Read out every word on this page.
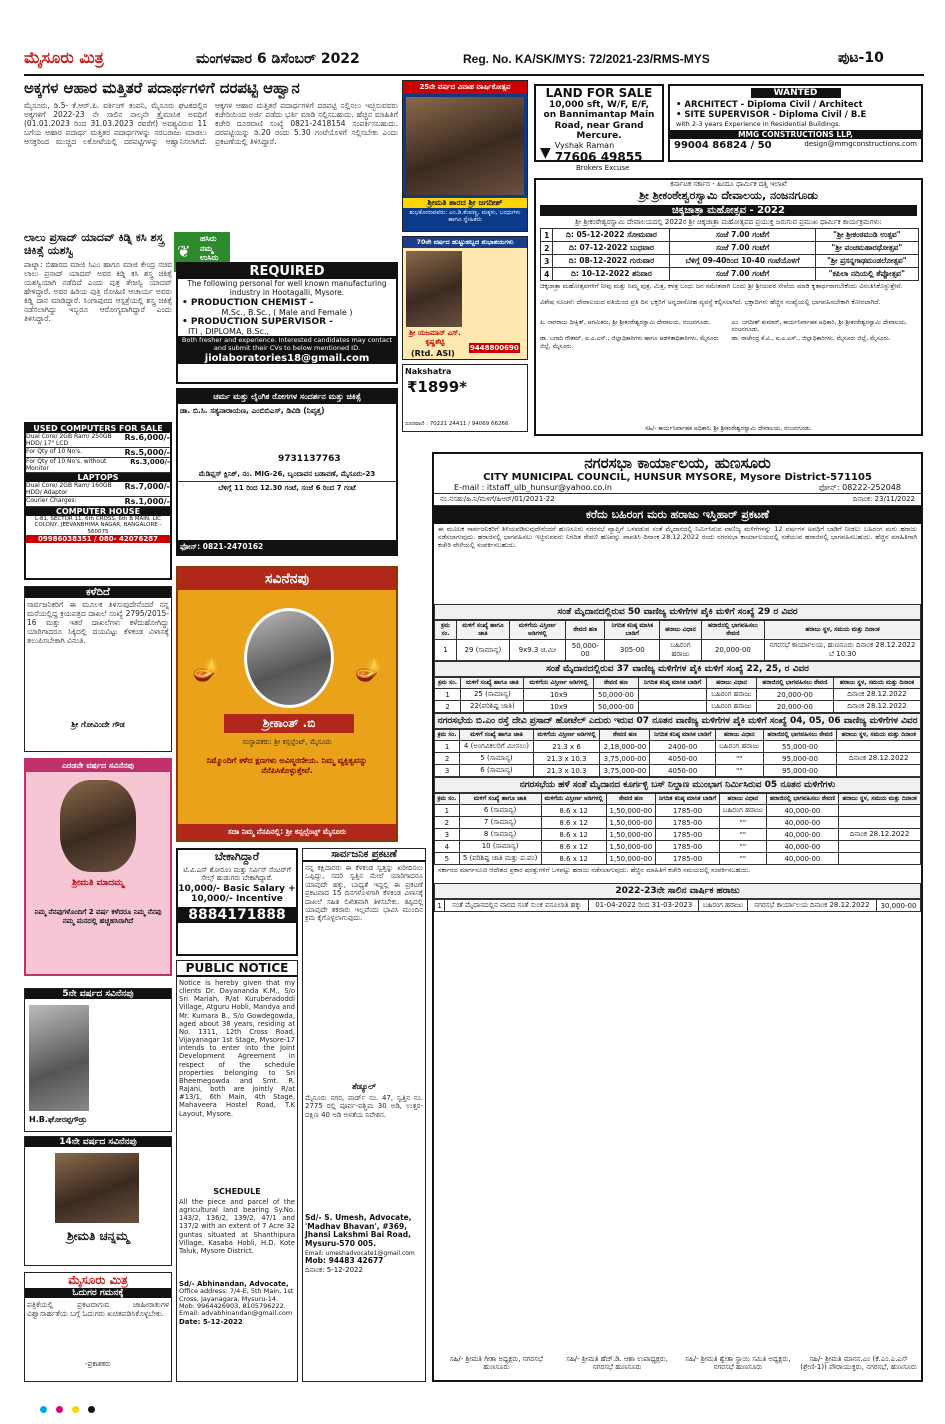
ಮೈಸೂರು ಮಿತ್ರ	ಮಂಗಳವಾರ 6 ಡಿಸೆಂಬರ್ 2022	Reg. No. KA/SK/MYS: 72/2021-23/RMS-MYS	ಪುಟ-10
ಅಕ್ಕಗಳ ಆಹಾರ ಮತ್ತಿತರೆ ಪದಾರ್ಥಗಳಿಗೆ ದರಪಟ್ಟಿ ಆಹ್ವಾನ
ಮೈಸೂರು, ಡಿ.5- ಕೆ.ಆರ್.ಪಿ. ವರ್ಕಿಂಗ್ ಕಂಪನಿ, ಮೈಸೂರು ಘಟಕದಲ್ಲಿನ ಅಕ್ಕಗಳಿಗೆ 2022-23 ನೇ ಸಾಲಿನ ನಾಲ್ಕನೇ ತ್ರೈಮಾಸಿಕ ಅವಧಿಗೆ (01.01.2023 ರಿಂದ 31.03.2023 ರವರೆಗೆ) ಅವಶ್ಯವಿರುವ 11 ಬಗೆಯ ಆಹಾರ ಪದಾರ್ಥ ಮತ್ತಿತರ ಪದಾರ್ಥಗಳನ್ನು ಸರಬರಾಜು ಮಾಡಲು ಆಸಕ್ತರಿಂದ ಮುಚ್ಚಿದ ಲಕೋಟೆಯಲ್ಲಿ ದರಪಟ್ಟಿಗಳನ್ನು ಆಹ್ವಾನಿಸಲಾಗಿದೆ. ಆಕ್ಕಗಳ ಆಹಾರ ಮತ್ತಿತರೆ ಪದಾರ್ಥಗಳಿಗೆ ದರಪಟ್ಟಿ ಸಲ್ಲಿಸಲು ಇಚ್ಛಿಸುವವರು ಕಚೇರಿಯಿಂದ ಅರ್ಜಿ ಪಡೆದು ಭರ್ತಿ ಮಾಡಿ ಸಲ್ಲಿಸಬಹುದು. ಹೆಚ್ಚಿನ ಮಾಹಿತಿಗೆ ಕಚೇರಿ ದೂರವಾಣಿ ಸಂಖ್ಯೆ 0821-2418154 ಸಂಪರ್ಕಿಸಬಹುದು. ದರಪಟ್ಟಿಯನ್ನು ಡಿ.20 ರಂದು 5.30 ಗಂಟೆಯೊಳಗೆ ಸಲ್ಲಿಸಬೇಕು ಎಂದು ಪ್ರಕಟಣೆಯಲ್ಲಿ ತಿಳಿಸಿದ್ದಾರೆ.
25ನೇ ವರ್ಷದ ವಿವಾಹ ವಾರ್ಷಿಕೋತ್ಸವ
ಶ್ರೀಮತಿ ಶಾರದ ಶ್ರೀ ಜಗದೀಶ್
ಶುಭಕೋರುವವರು: ಎಂ.ಡಿ.ಕೆಂಪಣ್ಣ, ಮಕ್ಕಳು, ಬಂಧುಗಳು ಹಾಗೂ ಸ್ನೇಹಿತರು
LAND FOR SALE
10,000 sft, W/F, E/F,
on Bannimantap Main
Road, near Grand Mercure.
▼ Vyshak Raman
77606 49855
Brokers Excuse
WANTED
• ARCHITECT - Diploma Civil / Architect
• SITE SUPERVISOR - Diploma Civil / B.E
with 2-3 years Experience in Residential Buildings.
MMG CONSTRUCTIONS LLP,
99004 86824 / 50	design@mmgconstructions.com
ಲಾಲು ಪ್ರಸಾದ್ ಯಾದವ್ ಕಿಡ್ನಿ ಕಸಿ ಶಸ್ತ್ರ ಚಿಕಿತ್ಸೆ ಯಶಸ್ವಿ
ಪಾಟ್ನಾ: ಬಿಹಾರದ ಮಾಜಿ ಸಿಎಂ ಹಾಗೂ ಮಾಜಿ ಕೇಂದ್ರ ಸಚಿವ ಲಾಲು ಪ್ರಸಾದ್ ಯಾದವ್ ಅವರ ಕಿಡ್ನಿ ಕಸಿ ಶಸ್ತ್ರ ಚಿಕಿತ್ಸೆ ಯಶಸ್ವಿಯಾಗಿ ನಡೆದಿದೆ ಎಂದು ಪುತ್ರ ತೇಜಸ್ವಿ ಯಾದವ್ ಹೇಳಿದ್ದಾರೆ. ಅವರ ಹಿರಿಯ ಪುತ್ರಿ ರೋಹಿಣಿ ಆಚಾರ್ಯ ಅವರು ಕಿಡ್ನಿ ದಾನ ಮಾಡಿದ್ದಾರೆ. ಸಿಂಗಾಪುರದ ಆಸ್ಪತ್ರೆಯಲ್ಲಿ ಶಸ್ತ್ರ ಚಿಕಿತ್ಸೆ ನಡೆಸಲಾಗಿದ್ದು ಇಬ್ಬರೂ ಆರೋಗ್ಯವಾಗಿದ್ದಾರೆ ಎಂದು ತಿಳಿಸಿದ್ದಾರೆ.
❦
ಹಸಿರು
ನಮ್ಮ
ಉಸಿರು
REQUIRED
The following personal for well known manufacturing industry in Hootagalli, Mysore.
• PRODUCTION CHEMIST -
M.Sc., B.Sc., ( Male and Female )
• PRODUCTION SUPERVISOR -
ITI , DIPLOMA, B.Sc.,
Both fresher and experience. Interested candidates may contact and submit their CVs to below mentioned ID.
jiolaboratories18@gmail.com
70ನೇ ವರ್ಷದ ಹುಟ್ಟುಹಬ್ಬದ ಶುಭಾಶಯಗಳು
ಶ್ರೀ ಯಜಮಾನ್ ಎಸ್. ಕೃಷ್ಣಶೆಟ್ಟಿ
(Rtd. ASI)
9448800690
Nakshatra
₹1899*
ದೂರವಾಣಿ : 70221 24411 / 94069 66266
USED COMPUTERS FOR SALE
Dual Core/ 2GB Ram/ 250GB HDD/ 17" LCD
Rs.6,000/-
For Qty of 10 No's.	Rs.5,000/-
For Qty of 10 No's. without Monitor
Rs.3,000/-
LAPTOPS
Dual Core/ 2GB Ram/ 160GB HDD/ Adaptor
Rs.7,000/-
Courier Charges:	Rs.1,000/-
COMPUTER HOUSE
L-81, SECTOR 11, 6th CROSS, 6th B MAIN, LIC COLONY, JEEVANBHIMA NAGAR, BANGALORE - 560075
09986038351 / 080- 42076287
ಚರ್ಮ ಮತ್ತು ಲೈಂಗಿಕ ರೋಗಗಳ ಸಂದರ್ಶನ ಮತ್ತು ಚಿಕಿತ್ಸೆ
ಡಾ. ಬಿ.ಸಿ. ಸತ್ಯನಾರಾಯಣ, ಎಂಬಿಬಿಎಸ್, ಡಿವಿಡಿ (ನಿವೃತ್ತ)
9731137763
ಮೆಡಿಪ್ಲಸ್ ಕ್ಲಿನಿಕ್, ನಂ. MIG-26, ಬೃಂದಾವನ ಬಡಾವಣೆ, ಮೈಸೂರು-23
ಬೆಳಿಗ್ಗೆ 11 ರಿಂದ 12.30 ಗಂಟೆ, ಸಂಜೆ 6 ರಿಂದ 7 ಗಂಟೆ
ಫೋನ್: 0821-2470162
ಕಳೆದಿದೆ
ಸಾರ್ವಜನಿಕರಿಗೆ ಈ ಮೂಲಕ ತಿಳಿಸುವುದೇನೆಂದರೆ ನನ್ನ ಮನೆಯಲ್ಲಿದ್ದ ಕ್ರಯಪತ್ರದ ದಾಖಲೆ ಸಂಖ್ಯೆ 2795/2015-16 ಮತ್ತು ಇತರೆ ದಾಖಲೆಗಳು ಕಳೆದುಹೋಗಿದ್ದು ಯಾರಿಗಾದರೂ ಸಿಕ್ಕಿದಲ್ಲಿ ದಯವಿಟ್ಟು ಕೆಳಕಂಡ ವಿಳಾಸಕ್ಕೆ ತಲುಪಿಸಬೇಕಾಗಿ ವಿನಂತಿ.
ಶ್ರೀ ಗೋವಿಂದೇ ಗೌಡ
ಸವಿನೆನಪು
🪔	🪔
ಶ್ರೀಕಾಂತ್ .ಬಿ
ಸಂಸ್ಥಾಪಕರು: ಶ್ರೀ ಕನ್ಸಲ್ಟೆಂಟ್, ಮೈಸೂರು
ನಿಮ್ಮೊಂದಿಗೆ ಕಳೆದ ಕ್ಷಣಗಳು ಅವಿಸ್ಮರಣೀಯ. ನಿಮ್ಮ ವ್ಯಕ್ತಿತ್ವವನ್ನು ನೆನೆಪಿಸಿಕೊಳ್ಳುತ್ತೇವೆ.
ಸದಾ ನಿಮ್ಮ ನೆನಪಿನಲ್ಲಿ: ಶ್ರೀ ಕನ್ಸಲ್ಟೆಂಟ್ಸ್ ಮೈಸೂರು
ಎರಡನೇ ವರ್ಷದ ಸವಿನೆನಪು
ಶ್ರೀಮತಿ ಮಾದಮ್ಮ
ನಿಮ್ಮ ನೆನಪುಗಳೊಂದಿಗೆ 2 ವರ್ಷ ಕಳೆದರೂ ನಿಮ್ಮ ನೆನಪು ನಮ್ಮ ಮನದಲ್ಲಿ ಹಚ್ಚಹಸಿರಾಗಿದೆ
5ನೇ ವರ್ಷದ ಸವಿನೆನಪು
H.B.ಘೋರಪ್ಪಗೌಡ್ರು
14ನೇ ವರ್ಷದ ಸವಿನೆನಪು
ಶ್ರೀಮತಿ ಚನ್ನಮ್ಮ
ಮೈಸೂರು ಮಿತ್ರ
ಓದುಗರ ಗಮನಕ್ಕೆ
ಪತ್ರಿಕೆಯಲ್ಲಿ ಪ್ರಕಟವಾಗುವ ಜಾಹೀರಾತುಗಳ ವಿಶ್ವಾಸಾರ್ಹತೆಯ ಬಗ್ಗೆ ಓದುಗರು ಖಚಿತಪಡಿಸಿಕೊಳ್ಳಬೇಕು.
-ಪ್ರಕಾಶಕರು
ಬೇಕಾಗಿದ್ದಾರೆ
ಟಿ.ವಿ.ಎಸ್ ಶೋರೂಂ ಮತ್ತು ಸರ್ವಿಸ್ ಸೆಂಟರ್‌ಗೆ ಸೇಲ್ಸ್ ಹುಡುಗರು ಬೇಕಾಗಿದ್ದಾರೆ.
10,000/- Basic Salary + 10,000/- Incentive
8884171888
PUBLIC NOTICE
Notice is hereby given that my clients Dr. Dayananda K.M., S/o Sri Mariah, R/at Kuruberadoddi Village, Atguru Hobli, Mandya and Mr. Kumara B., S/o Gowdegowda, aged about 38 years, residing at No. 1311, 12th Cross Road, Vijayanagar 1st Stage, Mysore-17 intends to enter into the Joint Development Agreement in respect of the schedule properties belonging to Sri Bheemegowda and Smt. R. Rajani, both are jointly R/at #13/1, 6th Main, 4th Stage, Mahaveera Hostel Road, T.K Layout, Mysore.
SCHEDULE
All the piece and parcel of the agricultural land bearing Sy.No. 143/2, 136/2, 139/2, 47/1 and 137/2 with an extent of 7 Acre 32 guntas situated at Shanthipura Village, Kasaba Hobli, H.D. Kote Taluk, Mysore District.
Sd/- Abhinandan, Advocate,
Office address: 7/4-E, 5th Main, 1st Cross, Jayanagara, Mysuru-14.
Mob: 9964426903, 8105796222.
Email: advabhinandan@gmail.com
Date: 5-12-2022
ಸಾರ್ವಜನಿಕ ಪ್ರಕಟಣೆ
ನನ್ನ ಕಕ್ಷಿದಾರರು ಈ ಕೆಳಕಂಡ ಸ್ವತ್ತನ್ನು ಖರೀದಿಸಲು ಒಪ್ಪಿದ್ದು, ಸದರಿ ಸ್ವತ್ತಿನ ಮೇಲೆ ಯಾರಿಗಾದರೂ ಯಾವುದೇ ಹಕ್ಕು, ಬಾಧ್ಯತೆ ಇದ್ದಲ್ಲಿ ಈ ಪ್ರಕಟಣೆ ಪ್ರಕಟವಾದ 15 ದಿನಗಳೊಳಗಾಗಿ ಕೆಳಕಂಡ ವಿಳಾಸಕ್ಕೆ ದಾಖಲೆ ಸಹಿತ ಲಿಖಿತವಾಗಿ ತಿಳಿಸಬೇಕು. ತಪ್ಪಿದಲ್ಲಿ ಯಾವುದೇ ತಕರಾರು ಇಲ್ಲವೆಂದು ಭಾವಿಸಿ ಮುಂದಿನ ಕ್ರಮ ಕೈಗೊಳ್ಳಲಾಗುವುದು.
ಶೆಡ್ಯೂಲ್
ಮೈಸೂರು ನಗರ, ವಾರ್ಡ್ ನಂ. 47, ಸ್ವತ್ತಿನ ನಂ. 2775 ರಲ್ಲಿ ಪೂರ್ವ-ಪಶ್ಚಿಮ 30 ಅಡಿ, ಉತ್ತರ-ದಕ್ಷಿಣ 40 ಅಡಿ ಅಳತೆಯ ನಿವೇಶನ.
Sd/- S. Umesh, Advocate, 'Madhav Bhavan', #369, Jhansi Lakshmi Bai Road, Mysuru-570 005.
Email: umeshadvocate1@gmail.com
Mob: 94483 42677
ದಿನಾಂಕ: 5-12-2022
ಕರ್ನಾಟಕ ಸರ್ಕಾರ - ಹಿಂದೂ ಧಾರ್ಮಿಕ ದತ್ತಿ ಇಲಾಖೆ
ಶ್ರೀ ಶ್ರೀಕಂಠೇಶ್ವರಸ್ವಾಮಿ ದೇವಾಲಯ, ನಂಜನಗೂಡು
ಚಿಕ್ಕಜಾತ್ರಾ ಮಹೋತ್ಸವ - 2022
ಶ್ರೀ ಶ್ರೀಕಂಠೇಶ್ವರಸ್ವಾಮಿ ದೇವಾಲಯದಲ್ಲಿ 2022ರ ಶ್ರೀ ಚಿಕ್ಕಜಾತ್ರಾ ಮಹೋತ್ಸವದ ಪ್ರಯುಕ್ತ ಜರುಗುವ ಪ್ರಮುಖ ಧಾರ್ಮಿಕ ಕಾರ್ಯಕ್ರಮಗಳು:
1	ದಿ: 05-12-2022 ಸೋಮವಾರ	ಸಂಜೆ 7.00 ಗಂಟೆಗೆ	"ಶ್ರೀ ಶ್ರೀಕಂಠಮುಡಿ ಉತ್ಸವ"
2	ದಿ: 07-12-2022 ಬುಧವಾರ	ಸಂಜೆ 7.00 ಗಂಟೆಗೆ	"ಶ್ರೀ ಪಂಚಮಹಾರಥೋತ್ಸವ"
3	ದಿ: 08-12-2022 ಗುರುವಾರ	ಬೆಳಿಗ್ಗೆ 09-40ರಿಂದ 10-40 ಗಂಟೆಯೊಳಗೆ	"ಶ್ರೀ ಪ್ರಸನ್ನಗಾಢಮಂಡಲೋತ್ಸವ"
4	ದಿ: 10-12-2022 ಶನಿವಾರ	ಸಂಜೆ 7.00 ಗಂಟೆಗೆ	"ಕಪಿಲಾ ನದಿಯಲ್ಲಿ ತೆಪ್ಪೋತ್ಸವ"
ಚಿಕ್ಕಜಾತ್ರಾ ಮಹೋತ್ಸವಗಳಿಗೆ ನೀವು ಮತ್ತು ನಿಮ್ಮ ಪುತ್ರ, ಮಿತ್ರ, ಕಳತ್ರ ಬಂಧು ಜನ ಸಮೇತರಾಗಿ ಬಂದು ಶ್ರೀ ಶ್ರೀಯವರ ಸೇವೆಯ ಮಾಡಿ ಕೃತಾರ್ಥರಾಗಬೇಕೆಂದು ವಿನಂತಿಸಿಕೊಳ್ಳುತ್ತೇವೆ.
ವಿಶೇಷ ಸೂಚನೆ: ದೇವಾಲಯದ ವತಿಯಿಂದ ಪ್ರತಿ ದಿನ ಭಕ್ತರಿಗೆ ಅನ್ನದಾಸೋಹ ವ್ಯವಸ್ಥೆ ಕಲ್ಪಿಸಲಾಗಿದೆ. ಭಕ್ತಾದಿಗಳು ಹೆಚ್ಚಿನ ಸಂಖ್ಯೆಯಲ್ಲಿ ಭಾಗವಹಿಸಬೇಕಾಗಿ ಕೋರಲಾಗಿದೆ.
ಪಿ. ನಾಗರಾಜು ದೀಕ್ಷಿತ್, ಆಗಮಿಕರು, ಶ್ರೀ ಶ್ರೀಕಂಠೇಶ್ವರಸ್ವಾಮಿ ದೇವಾಲಯ, ನಂಜನಗೂಡು.	ಎಂ. ಜಗದೀಶ್ ಕುಮಾರ್, ಕಾರ್ಯನಿರ್ವಾಹಕ ಅಧಿಕಾರಿ, ಶ್ರೀ ಶ್ರೀಕಂಠೇಶ್ವರಸ್ವಾಮಿ ದೇವಾಲಯ, ನಂಜನಗೂಡು.
ಡಾ. ಬಗಾದಿ ಗೌತಮ್, ಐ.ಎ.ಎಸ್., ಜಿಲ್ಲಾಧಿಕಾರಿಗಳು ಹಾಗೂ ಆಡಳಿತಾಧಿಕಾರಿಗಳು, ಮೈಸೂರು ಜಿಲ್ಲೆ, ಮೈಸೂರು.
ಡಾ. ರಾಜೇಂದ್ರ ಕೆ.ವಿ., ಐ.ಎ.ಎಸ್., ಜಿಲ್ಲಾಧಿಕಾರಿಗಳು, ಮೈಸೂರು ಜಿಲ್ಲೆ, ಮೈಸೂರು.
ಸಹಿ/- ಕಾರ್ಯನಿರ್ವಾಹಕ ಅಧಿಕಾರಿ, ಶ್ರೀ ಶ್ರೀಕಂಠೇಶ್ವರಸ್ವಾಮಿ ದೇವಾಲಯ, ನಂಜನಗೂಡು.
ನಗರಸಭಾ ಕಾರ್ಯಾಲಯ, ಹುಣಸೂರು
CITY MUNICIPAL COUNCIL, HUNSUR MYSORE, Mysore District-571105
E-mail : itstaff_ulb_hunsur@yahoo.co.in	ಫೋನ್: 08222-252048
ನಂ.ನಸಹು/ಹಿ.ನಿ/ಮಳಿಗೆ/ಹಿಆರ್/01/2021-22	ದಿನಾಂಕ: 23/11/2022
ಕರೆದು ಬಹಿರಂಗ ಮರು ಹರಾಜು ಇಸ್ತಿಹಾರ್ ಪ್ರಕಟಣೆ
ಈ ಮೂಲಕ ಸಾರ್ವಜನಿಕರಿಗೆ ತಿಳಿಯಪಡಿಸುವುದೇನೆಂದರೆ ಹುಣಸೂರು ನಗರಸಭೆ ವ್ಯಾಪ್ತಿಗೆ ಒಳಪಡುವ ಸಂತೆ ಮೈದಾನದಲ್ಲಿ ನಿರ್ಮಿಸಿರುವ ವಾಣಿಜ್ಯ ಮಳಿಗೆಗಳನ್ನು 12 ವರ್ಷಗಳ ಅವಧಿಗೆ ಬಾಡಿಗೆ ನೀಡಲು ಬಹಿರಂಗ ಮರು ಹರಾಜು ನಡೆಸಲಾಗುವುದು. ಹರಾಜಿನಲ್ಲಿ ಭಾಗವಹಿಸಲು ಇಚ್ಛಿಸುವವರು ನಿಗದಿತ ಠೇವಣಿ ಹಣವನ್ನು ಪಾವತಿಸಿ ದಿನಾಂಕ 28.12.2022 ರಂದು ನಗರಸಭಾ ಕಾರ್ಯಾಲಯದಲ್ಲಿ ನಡೆಯುವ ಹರಾಜಿನಲ್ಲಿ ಭಾಗವಹಿಸಬಹುದು. ಹೆಚ್ಚಿನ ಮಾಹಿತಿಗಾಗಿ ಕಚೇರಿ ವೇಳೆಯಲ್ಲಿ ಸಂಪರ್ಕಿಸಬಹುದು.
ಸಂತೆ ಮೈದಾನದಲ್ಲಿರುವ 50 ವಾಣಿಜ್ಯ ಮಳಿಗೆಗಳ ಪೈಕಿ ಮಳಿಗೆ ಸಂಖ್ಯೆ 29 ರ ವಿವರ
ಕ್ರಮ ಸಂ.	ಮಳಿಗೆ ಸಂಖ್ಯೆ ಹಾಗೂ ಜಾತಿ	ಮಳಿಗೆಯ ವಿಸ್ತೀರ್ಣ ಅಡಿಗಳಲ್ಲಿ	ಠೇವಣಿ ಹಣ	ನಿಗದಿತ ಕನಿಷ್ಠ ಮಾಸಿಕ ಬಾಡಿಗೆ	ಹರಾಜು ವಿಧಾನ	ಹರಾಜಿನಲ್ಲಿ ಭಾಗವಹಿಸಲು ಠೇವಣಿ	ಹರಾಜು ಸ್ಥಳ, ಸಮಯ ಮತ್ತು ದಿನಾಂಕ
1	29 (ಸಾಮಾನ್ಯ)	9x9.3 ಚ.ಮೀ	50,000-00	305-00	ಬಹಿರಂಗ ಹರಾಜು	20,000-00	ನಗರಸಭೆ ಕಾರ್ಯಾಲಯ, ಹುಣಸೂರು ದಿನಾಂಕ 28.12.2022 ಬೆ 10.30
ಸಂತೆ ಮೈದಾನದಲ್ಲಿರುವ 37 ವಾಣಿಜ್ಯ ಮಳಿಗೆಗಳ ಪೈಕಿ ಮಳಿಗೆ ಸಂಖ್ಯೆ 22, 25, ರ ವಿವರ
ಕ್ರಮ ಸಂ.	ಮಳಿಗೆ ಸಂಖ್ಯೆ ಹಾಗೂ ಜಾತಿ	ಮಳಿಗೆಯ ವಿಸ್ತೀರ್ಣ ಅಡಿಗಳಲ್ಲಿ	ಠೇವಣಿ ಹಣ	ನಿಗದಿತ ಕನಿಷ್ಠ ಮಾಸಿಕ ಬಾಡಿಗೆ	ಹರಾಜು ವಿಧಾನ	ಹರಾಜಿನಲ್ಲಿ ಭಾಗವಹಿಸಲು ಠೇವಣಿ	ಹರಾಜು ಸ್ಥಳ, ಸಮಯ ಮತ್ತು ದಿನಾಂಕ
1	25 (ಸಾಮಾನ್ಯ)	10x9	50,000-00		ಬಹಿರಂಗ ಹರಾಜು	20,000-00	ದಿನಾಂಕ 28.12.2022
2	22(ಪರಿಶಿಷ್ಟ ಜಾತಿ)	10x9	50,000-00		ಬಹಿರಂಗ ಹರಾಜು	20,000-00	ದಿನಾಂಕ 28.12.2022
ನಗರಸಭೆಯ ಬಿ.ಎಂ ರಸ್ತೆ ದೇವಿ ಪ್ರಸಾದ್ ಹೋಟೆಲ್ ಎದುರು ಇರುವ 07 ನೂತನ ವಾಣಿಜ್ಯ ಮಳಿಗೆಗಳ ಪೈಕಿ ಮಳಿಗೆ ಸಂಖ್ಯೆ 04, 05, 06 ವಾಣಿಜ್ಯ ಮಳಿಗೆಗಳ ವಿವರ
ಕ್ರಮ ಸಂ.	ಮಳಿಗೆ ಸಂಖ್ಯೆ ಹಾಗೂ ಜಾತಿ	ಮಳಿಗೆಯ ವಿಸ್ತೀರ್ಣ ಅಡಿಗಳಲ್ಲಿ	ಠೇವಣಿ ಹಣ	ನಿಗದಿತ ಕನಿಷ್ಠ ಮಾಸಿಕ ಬಾಡಿಗೆ	ಹರಾಜು ವಿಧಾನ	ಹರಾಜಿನಲ್ಲಿ ಭಾಗವಹಿಸಲು ಠೇವಣಿ	ಹರಾಜು ಸ್ಥಳ, ಸಮಯ ಮತ್ತು ದಿನಾಂಕ
1	4 (ಅಂಗವಿಕಲರಿಗೆ ಮೀಸಲು)	21.3 x 6	2,18,000-00	2400-00	ಬಹಿರಂಗ ಹರಾಜು	55,000-00	
2	5 (ಸಾಮಾನ್ಯ)	21.3 x 10.3	3,75,000-00	4050-00	""	95,000-00	ದಿನಾಂಕ 28.12.2022
3	6 (ಸಾಮಾನ್ಯ)	21.3 x 10.3	3,75,000-00	4050-00	""	95,000-00	
ನಗರಸಭೆಯ ಹಳೆ ಸಂತೆ ಮೈದಾನದ ಕೂರ್ಗಳ್ಳಿ ಬಸ್ ನಿಲ್ದಾಣ ಮುಂಭಾಗ ನಿರ್ಮಿಸಿರುವ 05 ನೂತನ ಮಳಿಗೆಗಳು
ಕ್ರಮ ಸಂ.	ಮಳಿಗೆ ಸಂಖ್ಯೆ ಹಾಗೂ ಜಾತಿ	ಮಳಿಗೆಯ ವಿಸ್ತೀರ್ಣ ಅಡಿಗಳಲ್ಲಿ	ಠೇವಣಿ ಹಣ	ನಿಗದಿತ ಕನಿಷ್ಠ ಮಾಸಿಕ ಬಾಡಿಗೆ	ಹರಾಜು ವಿಧಾನ	ಹರಾಜಿನಲ್ಲಿ ಭಾಗವಹಿಸಲು ಠೇವಣಿ	ಹರಾಜು ಸ್ಥಳ, ಸಮಯ ಮತ್ತು ದಿನಾಂಕ
1	6 (ಸಾಮಾನ್ಯ)	8.6 x 12	1,50,000-00	1785-00	ಬಹಿರಂಗ ಹರಾಜು	40,000-00	
2	7 (ಸಾಮಾನ್ಯ)	8.6 x 12	1,50,000-00	1785-00	""	40,000-00	
3	8 (ಸಾಮಾನ್ಯ)	8.6 x 12	1,50,000-00	1785-00	""	40,000-00	ದಿನಾಂಕ 28.12.2022
4	10 (ಸಾಮಾನ್ಯ)	8.6 x 12	1,50,000-00	1785-00	""	40,000-00	
5	5 (ಪರಿಶಿಷ್ಟ ಜಾತಿ ಮತ್ತು ಪ.ಪಂ)	8.6 x 12	1,50,000-00	1785-00	""	40,000-00	
ಸರ್ಕಾರದ ಮಾರ್ಗಸೂಚಿ ಆದೇಶದ ಪ್ರಕಾರ ಷರತ್ತುಗಳಿಗೆ ಒಳಪಟ್ಟು ಹರಾಜು ನಡೆಸಲಾಗುವುದು. ಹೆಚ್ಚಿನ ಮಾಹಿತಿಗೆ ಕಚೇರಿ ಸಮಯದಲ್ಲಿ ಸಂಪರ್ಕಿಸಬಹುದು.
2022-23ನೇ ಸಾಲಿನ ವಾರ್ಷಿಕ ಹರಾಜು
1	ಸಂತೆ ಮೈದಾನದಲ್ಲಿನ ವಾರದ ಸಂತೆ ಸುಂಕ ವಸೂಲಾತಿ ಹಕ್ಕು	01-04-2022 ರಿಂದ 31-03-2023	ಬಹಿರಂಗ ಹರಾಜು	ನಗರಸಭೆ ಕಾರ್ಯಾಲಯ ದಿನಾಂಕ 28.12.2022	30,000-00
ಸಹಿ/- ಶ್ರೀಮತಿ ಗೀತಾ ಅಧ್ಯಕ್ಷರು, ನಗರಸಭೆ ಹುಣಸೂರು
ಸಹಿ/- ಶ್ರೀಮತಿ ಹೆಚ್.ಡಿ. ಆಶಾ ಉಪಾಧ್ಯಕ್ಷರು, ನಗರಸಭೆ ಹುಣಸೂರು
ಸಹಿ/- ಶ್ರೀಮತಿ ಶ್ವೇತಾ ಸ್ಥಾಯಿ ಸಮಿತಿ ಅಧ್ಯಕ್ಷರು, ನಗರಸಭೆ ಹುಣಸೂರು
ಸಹಿ/- ಶ್ರೀಮತಿ ಮಾನಸ.ಎಂ (ಕೆ.ಎಂ.ಎ.ಎಸ್ (ಶ್ರೇಣಿ-1)) ಪೌರಾಯುಕ್ತರು, ನಗರಸಭೆ, ಹುಣಸೂರು
